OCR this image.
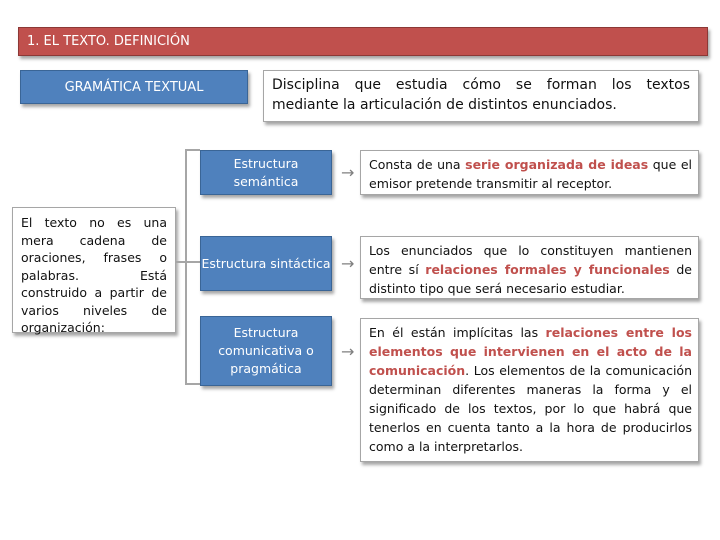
1. EL TEXTO. DEFINICIÓN
GRAMÁTICA TEXTUAL	Disciplina que estudia cómo se forman los textos
mediante la articulación de distintos enunciados.
El texto no es una mera cadena de oraciones, frases o palabras. Está construido a partir de varios niveles de organización:
Estructura semántica
Estructura sintáctica
Estructura comunicativa o pragmática
→
→
→
Consta de una serie organizada de ideas que el emisor pretende transmitir al receptor.
Los enunciados que lo constituyen mantienen entre sí relaciones formales y funcionales de distinto tipo que será necesario estudiar.
En él están implícitas las relaciones entre los elementos que intervienen en el acto de la comunicación. Los elementos de la comunicación determinan diferentes maneras la forma y el significado de los textos, por lo que habrá que tenerlos en cuenta tanto a la hora de producirlos como a la interpretarlos.
